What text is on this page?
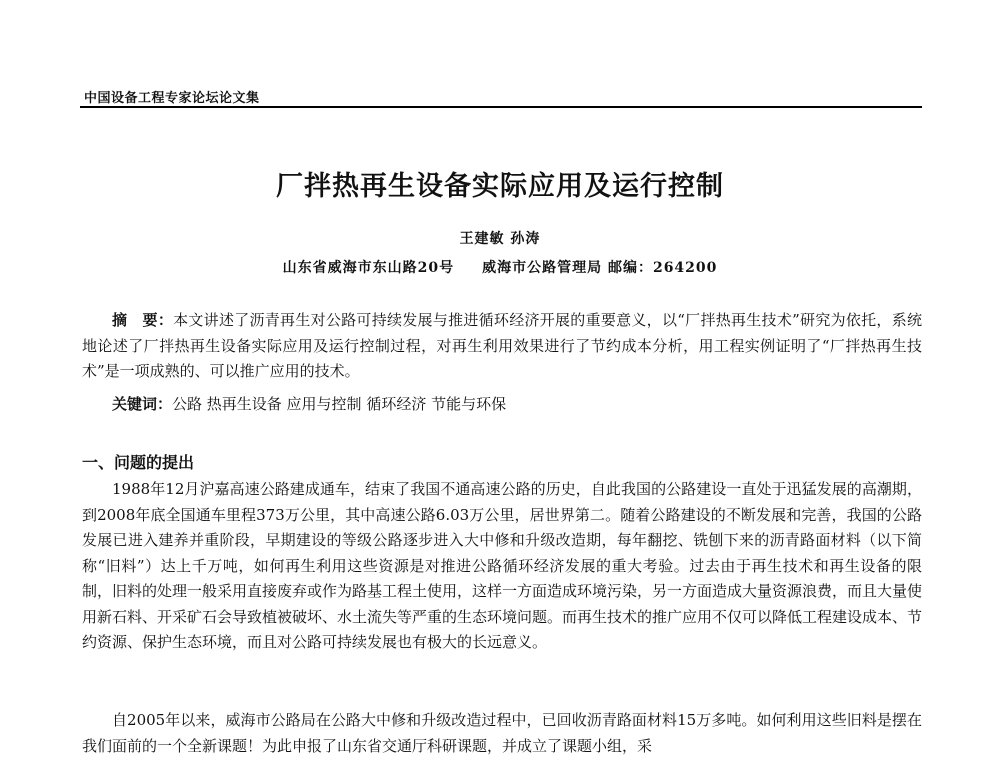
中国设备工程专家论坛论文集
厂拌热再生设备实际应用及运行控制
王建敏 孙涛
山东省威海市东山路20号 威海市公路管理局 邮编：264200

摘　要：本文讲述了沥青再生对公路可持续发展与推进循环经济开展的重要意义，以“厂拌热再生技术”研究为依托，系统地论述了厂拌热再生设备实际应用及运行控制过程，对再生利用效果进行了节约成本分析，用工程实例证明了“厂拌热再生技术”是一项成熟的、可以推广应用的技术。

关键词：公路 热再生设备 应用与控制 循环经济 节能与环保

一、问题的提出

1988年12月沪嘉高速公路建成通车，结束了我国不通高速公路的历史，自此我国的公路建设一直处于迅猛发展的高潮期，到2008年底全国通车里程373万公里，其中高速公路6.03万公里，居世界第二。随着公路建设的不断发展和完善，我国的公路发展已进入建养并重阶段，早期建设的等级公路逐步进入大中修和升级改造期，每年翻挖、铣刨下来的沥青路面材料（以下简称“旧料”）达上千万吨，如何再生利用这些资源是对推进公路循环经济发展的重大考验。过去由于再生技术和再生设备的限制，旧料的处理一般采用直接废弃或作为路基工程土使用，这样一方面造成环境污染，另一方面造成大量资源浪费，而且大量使用新石料、开采矿石会导致植被破坏、水土流失等严重的生态环境问题。而再生技术的推广应用不仅可以降低工程建设成本、节约资源、保护生态环境，而且对公路可持续发展也有极大的长远意义。

自2005年以来，威海市公路局在公路大中修和升级改造过程中，已回收沥青路面材料15万多吨。如何利用这些旧料是摆在我们面前的一个全新课题！为此申报了山东省交通厅科研课题，并成立了课题小组，采
